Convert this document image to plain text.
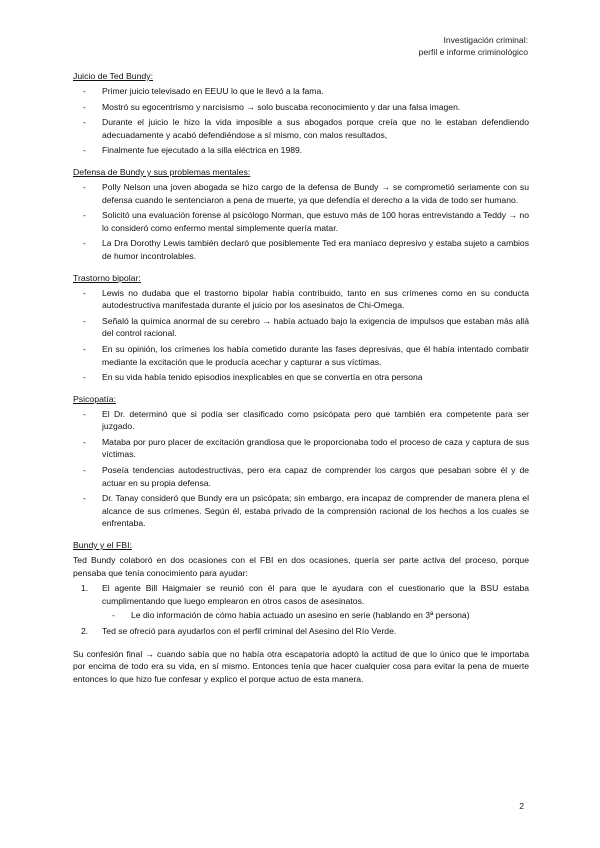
Investigación criminal:
perfil e informe criminológico
Juicio de Ted Bundy:
- Primer juicio televisado en EEUU lo que le llevó a la fama.
- Mostró su egocentrismo y narcisismo → solo buscaba reconocimiento y dar una falsa imagen.
- Durante el juicio le hizo la vida imposible a sus abogados porque creía que no le estaban defendiendo adecuadamente y acabó defendiéndose a sí mismo, con malos resultados,
- Finalmente fue ejecutado a la silla eléctrica en 1989.
Defensa de Bundy y sus problemas mentales:
- Polly Nelson una joven abogada se hizo cargo de la defensa de Bundy → se comprometió seriamente con su defensa cuando le sentenciaron a pena de muerte, ya que defendía el derecho a la vida de todo ser humano.
- Solicitó una evaluación forense al psicólogo Norman, que estuvo más de 100 horas entrevistando a Teddy → no lo consideró como enfermo mental simplemente quería matar.
- La Dra Dorothy Lewis también declaró que posiblemente Ted era maníaco depresivo y estaba sujeto a cambios de humor incontrolables.
Trastorno bipolar:
- Lewis no dudaba que el trastorno bipolar había contribuido, tanto en sus crímenes como en su conducta autodestructiva manifestada durante el juicio por los asesinatos de Chi-Omega.
- Señaló la química anormal de su cerebro → había actuado bajo la exigencia de impulsos que estaban más allá del control racional.
- En su opinión, los crímenes los había cometido durante las fases depresivas, que él había intentado combatir mediante la excitación que le producía acechar y capturar a sus víctimas.
- En su vida había tenido episodios inexplicables en que se convertía en otra persona
Psicopatía:
- El Dr. determinó que si podía ser clasificado como psicópata pero que también era competente para ser juzgado.
- Mataba por puro placer de excitación grandiosa que le proporcionaba todo el proceso de caza y captura de sus víctimas.
- Poseía tendencias autodestructivas, pero era capaz de comprender los cargos que pesaban sobre él y de actuar en su propia defensa.
- Dr. Tanay consideró que Bundy era un psicópata; sin embargo, era incapaz de comprender de manera plena el alcance de sus crímenes. Según él, estaba privado de la comprensión racional de los hechos a los cuales se enfrentaba.
Bundy y el FBI:

Ted Bundy colaboró en dos ocasiones con el FBI en dos ocasiones, quería ser parte activa del proceso, porque pensaba que tenía conocimiento para ayudar:

1. El agente Bill Haigmaier se reunió con él para que le ayudara con el cuestionario que la BSU estaba cumplimentando que luego emplearon en otros casos de asesinatos.
- Le dio información de cómo había actuado un asesino en serie (hablando en 3ª persona)
2. Ted se ofreció para ayudarlos con el perfil criminal del Asesino del Río Verde.

Su confesión final → cuando sabía que no había otra escapatoria adoptó la actitud de que lo único que le importaba por encima de todo era su vida, en sí mismo. Entonces tenía que hacer cualquier cosa para evitar la pena de muerte entonces lo que hizo fue confesar y explico el porque actuo de esta manera.

2
